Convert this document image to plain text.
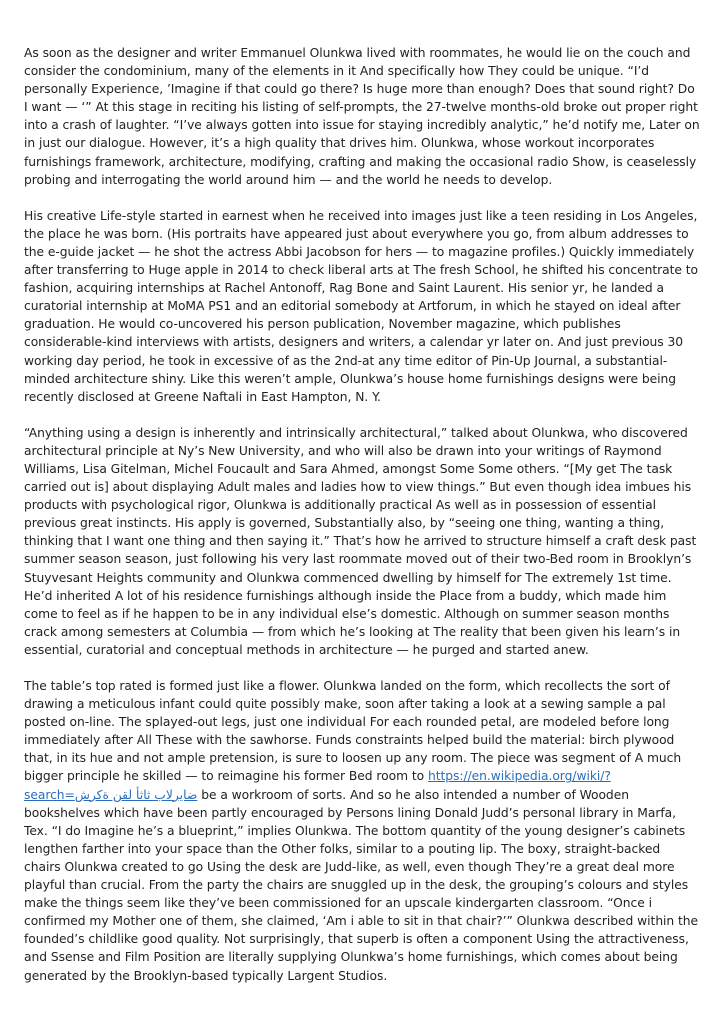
As soon as the designer and writer Emmanuel Olunkwa lived with roommates, he would lie on the couch and consider the condominium, many of the elements in it And specifically how They could be unique. “I’d personally Experience, ’Imagine if that could go there? Is huge more than enough? Does that sound right? Do I want — ‘” At this stage in reciting his listing of self-prompts, the 27-twelve months-old broke out proper right into a crash of laughter. “I’ve always gotten into issue for staying incredibly analytic,” he’d notify me, Later on in just our dialogue. However, it’s a high quality that drives him. Olunkwa, whose workout incorporates furnishings framework, architecture, modifying, crafting and making the occasional radio Show, is ceaselessly probing and interrogating the world around him — and the world he needs to develop.

His creative Life-style started in earnest when he received into images just like a teen residing in Los Angeles, the place he was born. (His portraits have appeared just about everywhere you go, from album addresses to the e-guide jacket — he shot the actress Abbi Jacobson for hers — to magazine profiles.) Quickly immediately after transferring to Huge apple in 2014 to check liberal arts at The fresh School, he shifted his concentrate to fashion, acquiring internships at Rachel Antonoff, Rag Bone and Saint Laurent. His senior yr, he landed a curatorial internship at MoMA PS1 and an editorial somebody at Artforum, in which he stayed on ideal after graduation. He would co-uncovered his person publication, November magazine, which publishes considerable-kind interviews with artists, designers and writers, a calendar yr later on. And just previous 30 working day period, he took in excessive of as the 2nd-at any time editor of Pin-Up Journal, a substantial-minded architecture shiny. Like this weren’t ample, Olunkwa’s house home furnishings designs were being recently disclosed at Greene Naftali in East Hampton, N. Y.

“Anything using a design is inherently and intrinsically architectural,” talked about Olunkwa, who discovered architectural principle at Ny’s New University, and who will also be drawn into your writings of Raymond Williams, Lisa Gitelman, Michel Foucault and Sara Ahmed, amongst Some Some others. “[My get The task carried out is] about displaying Adult males and ladies how to view things.” But even though idea imbues his products with psychological rigor, Olunkwa is additionally practical As well as in possession of essential previous great instincts. His apply is governed, Substantially also, by “seeing one thing, wanting a thing, thinking that I want one thing and then saying it.” That’s how he arrived to structure himself a craft desk past summer season season, just following his very last roommate moved out of their two-Bed room in Brooklyn’s Stuyvesant Heights community and Olunkwa commenced dwelling by himself for The extremely 1st time. He’d inherited A lot of his residence furnishings although inside the Place from a buddy, which made him come to feel as if he happen to be in any individual else’s domestic. Although on summer season months crack among semesters at Columbia — from which he’s looking at The reality that been given his learn’s in essential, curatorial and conceptual methods in architecture — he purged and started anew.

The table’s top rated is formed just like a flower. Olunkwa landed on the form, which recollects the sort of drawing a meticulous infant could quite possibly make, soon after taking a look at a sewing sample a pal posted on-line. The splayed-out legs, just one individual For each rounded petal, are modeled before long immediately after All These with the sawhorse. Funds constraints helped build the material: birch plywood that, in its hue and not ample pretension, is sure to loosen up any room. The piece was segment of A much bigger principle he skilled — to reimagine his former Bed room to https://en.wikipedia.org/wiki/?search=ضايرلاب ثاثأ لقن ةكرش be a workroom of sorts. And so he also intended a number of Wooden bookshelves which have been partly encouraged by Persons lining Donald Judd’s personal library in Marfa, Tex. “I do Imagine he’s a blueprint,” implies Olunkwa. The bottom quantity of the young designer’s cabinets lengthen farther into your space than the Other folks, similar to a pouting lip. The boxy, straight-backed chairs Olunkwa created to go Using the desk are Judd-like, as well, even though They’re a great deal more playful than crucial. From the party the chairs are snuggled up in the desk, the grouping’s colours and styles make the things seem like they’ve been commissioned for an upscale kindergarten classroom. “Once i confirmed my Mother one of them, she claimed, ‘Am i able to sit in that chair?’” Olunkwa described within the founded’s childlike good quality. Not surprisingly, that superb is often a component Using the attractiveness, and Ssense and Film Position are literally supplying Olunkwa’s home furnishings, which comes about being generated by the Brooklyn-based typically Largent Studios.
